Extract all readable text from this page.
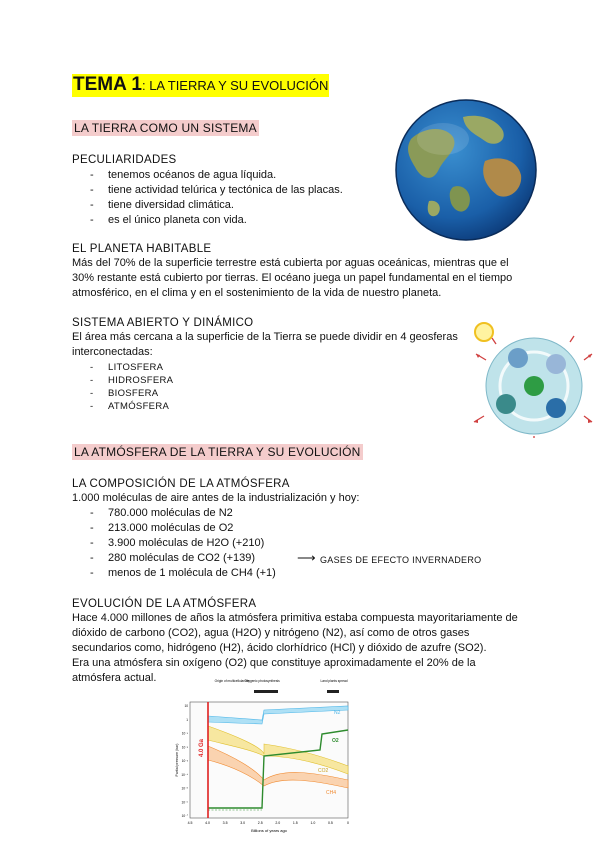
TEMA 1: LA TIERRA Y SU EVOLUCIÓN
LA TIERRA COMO UN SISTEMA
PECULIARIDADES
- tenemos océanos de agua líquida.
- tiene actividad telúrica y tectónica de las placas.
- tiene diversidad climática.
- es el único planeta con vida.
EL PLANETA HABITABLE
Más del 70% de la superficie terrestre está cubierta por aguas oceánicas, mientras que el
30% restante está cubierto por tierras. El océano juega un papel fundamental en el tiempo
atmosférico, en el clima y en el sostenimiento de la vida de nuestro planeta.
SISTEMA ABIERTO Y DINÁMICO
El área más cercana a la superficie de la Tierra se puede dividir en 4 geosferas
interconectadas:
- LITOSFERA
- HIDROSFERA
- BIOSFERA
- ATMÓSFERA
LA ATMÓSFERA DE LA TIERRA Y SU EVOLUCIÓN
LA COMPOSICIÓN DE LA ATMÓSFERA
1.000 moléculas de aire antes de la industrialización y hoy:
- 780.000 moléculas de N2
- 213.000 moléculas de O2
- 3.900 moléculas de H2O (+210)
- 280 moléculas de CO2 (+139)
- menos de 1 molécula de CH4 (+1)
⟶ GASES DE EFECTO INVERNADERO
EVOLUCIÓN DE LA ATMÓSFERA
Hace 4.000 millones de años la atmósfera primitiva estaba compuesta mayoritariamente de
dióxido de carbono (CO2), agua (H2O) y nitrógeno (N2), así como de otros gases
secundarios como, hidrógeno (H2), ácido clorhídrico (HCl) y dióxido de azufre (SO2).
Era una atmósfera sin oxígeno (O2) que constituye aproximadamente el 20% de la
atmósfera actual.
4.5	4.0	3.5	3.0	2.5	2.0	1.5	1.0	0.5	0
10
1
10⁻¹
10⁻²
10⁻³
10⁻⁴
10⁻⁵
10⁻⁶
10⁻⁷
Origin of multicellular life
Oxygenic photosynthesis	Land plants spread
4.0 Ga
N2
O2
CO2
CH4
Billions of years ago
Partial pressure (bar)
